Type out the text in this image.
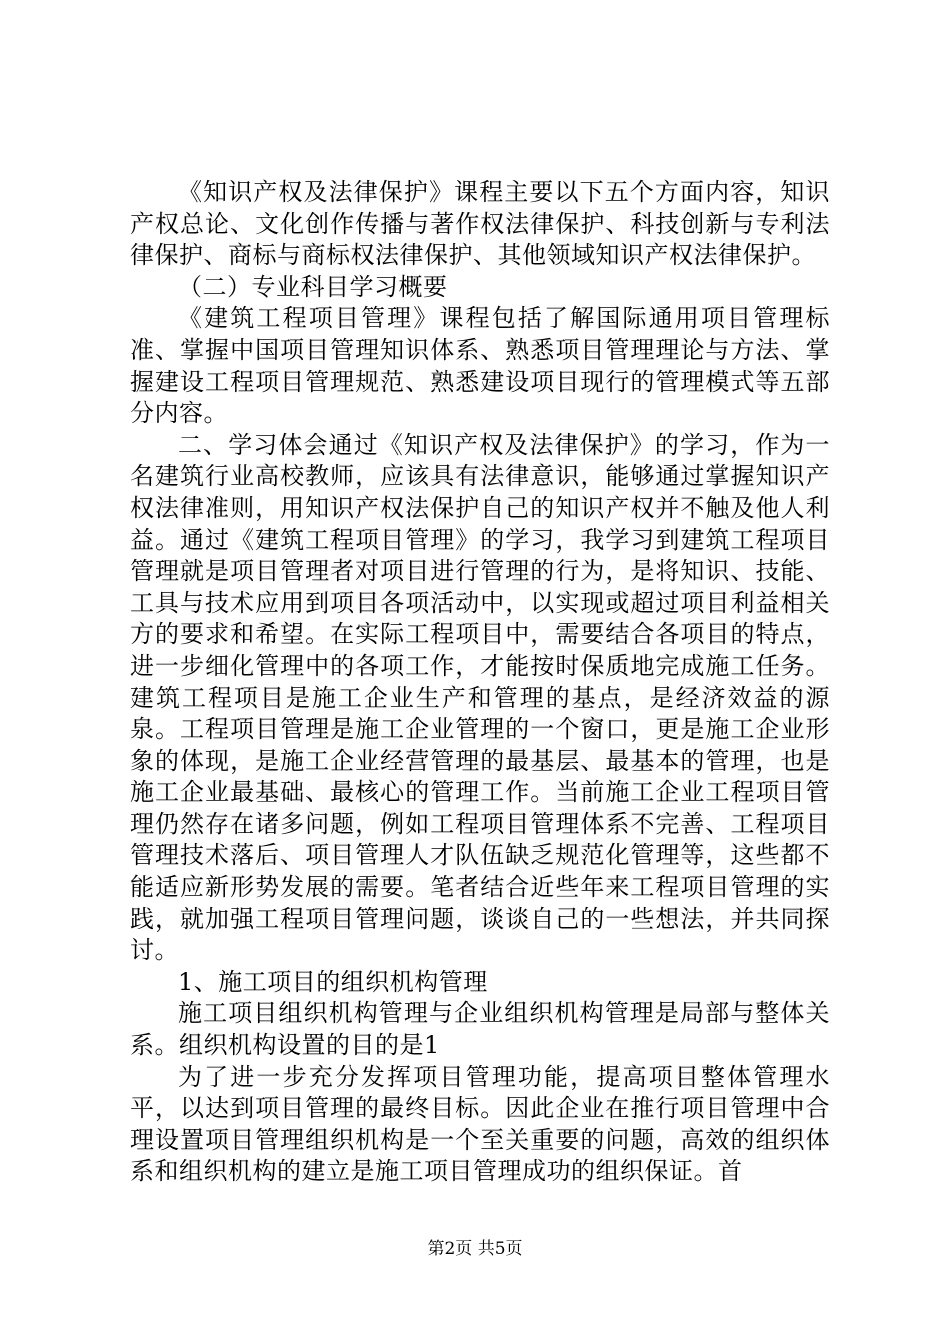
《知识产权及法律保护》课程主要以下五个方面内容，知识产权总论、文化创作传播与著作权法律保护、科技创新与专利法律保护、商标与商标权法律保护、其他领域知识产权法律保护。

（二）专业科目学习概要

《建筑工程项目管理》课程包括了解国际通用项目管理标准、掌握中国项目管理知识体系、熟悉项目管理理论与方法、掌握建设工程项目管理规范、熟悉建设项目现行的管理模式等五部分内容。

二、学习体会通过《知识产权及法律保护》的学习，作为一名建筑行业高校教师，应该具有法律意识，能够通过掌握知识产权法律准则，用知识产权法保护自己的知识产权并不触及他人利益。通过《建筑工程项目管理》的学习，我学习到建筑工程项目管理就是项目管理者对项目进行管理的行为，是将知识、技能、工具与技术应用到项目各项活动中，以实现或超过项目利益相关方的要求和希望。在实际工程项目中，需要结合各项目的特点，进一步细化管理中的各项工作，才能按时保质地完成施工任务。建筑工程项目是施工企业生产和管理的基点，是经济效益的源泉。工程项目管理是施工企业管理的一个窗口，更是施工企业形象的体现，是施工企业经营管理的最基层、最基本的管理，也是施工企业最基础、最核心的管理工作。当前施工企业工程项目管理仍然存在诸多问题，例如工程项目管理体系不完善、工程项目管理技术落后、项目管理人才队伍缺乏规范化管理等，这些都不能适应新形势发展的需要。笔者结合近些年来工程项目管理的实践，就加强工程项目管理问题，谈谈自己的一些想法，并共同探讨。

1、施工项目的组织机构管理

施工项目组织机构管理与企业组织机构管理是局部与整体关系。组织机构设置的目的是1

为了进一步充分发挥项目管理功能，提高项目整体管理水平，以达到项目管理的最终目标。因此企业在推行项目管理中合理设置项目管理组织机构是一个至关重要的问题，高效的组织体系和组织机构的建立是施工项目管理成功的组织保证。首

第2页 共5页
